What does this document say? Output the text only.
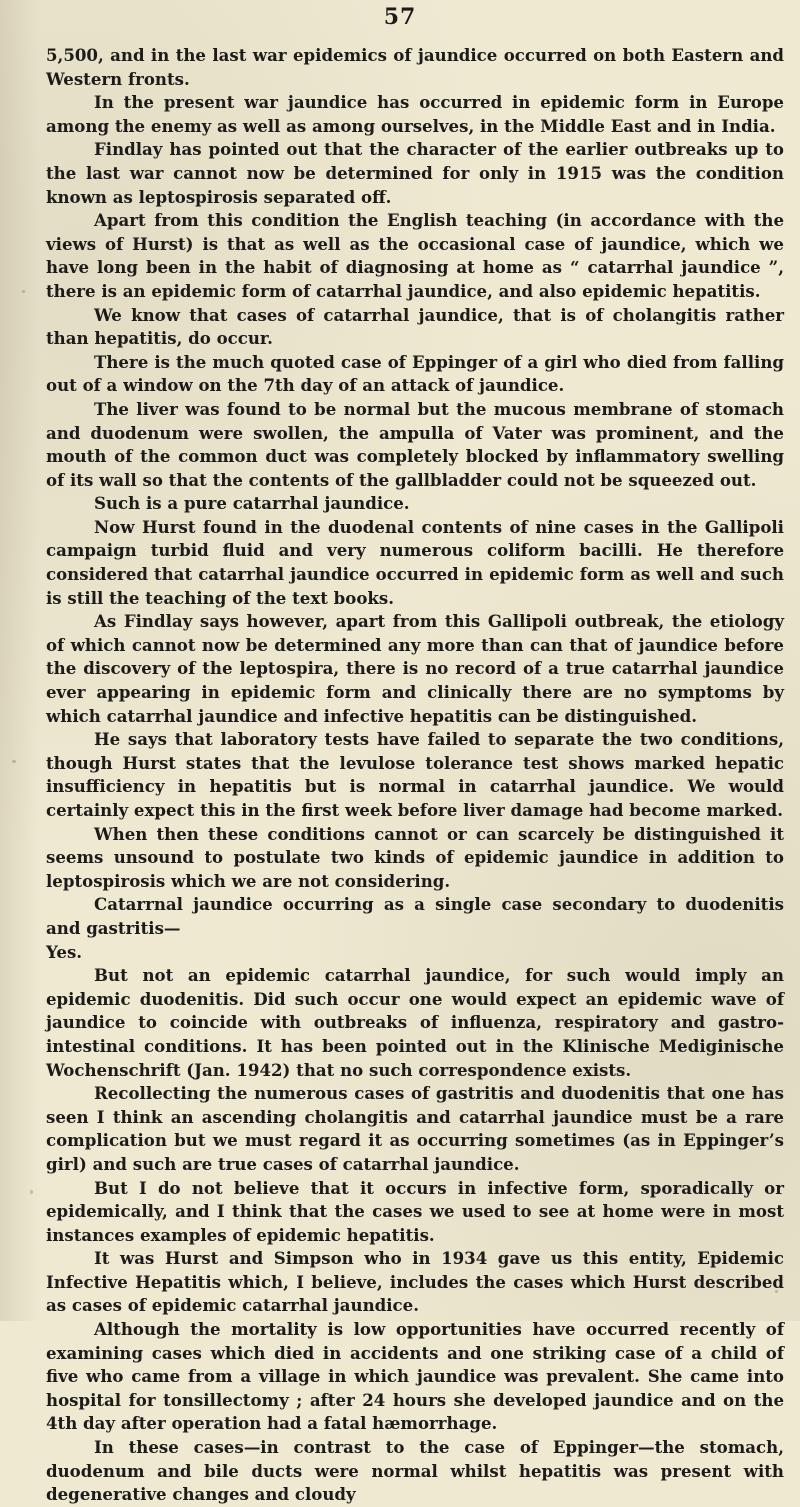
57

5,500, and in the last war epidemics of jaundice occurred on both Eastern and Western fronts.

In the present war jaundice has occurred in epidemic form in Europe among the enemy as well as among ourselves, in the Middle East and in India.

Findlay has pointed out that the character of the earlier outbreaks up to the last war cannot now be determined for only in 1915 was the condition known as leptospirosis separated off.

Apart from this condition the English teaching (in accordance with the views of Hurst) is that as well as the occasional case of jaundice, which we have long been in the habit of diagnosing at home as “ catarrhal jaundice ”, there is an epidemic form of catarrhal jaundice, and also epidemic hepatitis.

We know that cases of catarrhal jaundice, that is of cholangitis rather than hepatitis, do occur.

There is the much quoted case of Eppinger of a girl who died from falling out of a window on the 7th day of an attack of jaundice.

The liver was found to be normal but the mucous membrane of stomach and duodenum were swollen, the ampulla of Vater was prominent, and the mouth of the common duct was completely blocked by inflammatory swelling of its wall so that the contents of the gallbladder could not be squeezed out.

Such is a pure catarrhal jaundice.

Now Hurst found in the duodenal contents of nine cases in the Gallipoli campaign turbid fluid and very numerous coliform bacilli. He therefore considered that catarrhal jaundice occurred in epidemic form as well and such is still the teaching of the text books.

As Findlay says however, apart from this Gallipoli outbreak, the etiology of which cannot now be determined any more than can that of jaundice before the discovery of the leptospira, there is no record of a true catarrhal jaundice ever appearing in epidemic form and clinically there are no symptoms by which catarrhal jaundice and infective hepatitis can be distinguished.

He says that laboratory tests have failed to separate the two conditions, though Hurst states that the levulose tolerance test shows marked hepatic insufficiency in hepatitis but is normal in catarrhal jaundice. We would certainly expect this in the first week before liver damage had become marked.

When then these conditions cannot or can scarcely be distinguished it seems unsound to postulate two kinds of epidemic jaundice in addition to leptospirosis which we are not considering.

Catarrnal jaundice occurring as a single case secondary to duodenitis and gastritis—

Yes.

But not an epidemic catarrhal jaundice, for such would imply an epidemic duodenitis. Did such occur one would expect an epidemic wave of jaundice to coincide with outbreaks of influenza, respiratory and gastro-intestinal conditions. It has been pointed out in the Klinische Mediginische Wochenschrift (Jan. 1942) that no such correspondence exists.

Recollecting the numerous cases of gastritis and duodenitis that one has seen I think an ascending cholangitis and catarrhal jaundice must be a rare complication but we must regard it as occurring sometimes (as in Eppinger’s girl) and such are true cases of catarrhal jaundice.

But I do not believe that it occurs in infective form, sporadically or epidemically, and I think that the cases we used to see at home were in most instances examples of epidemic hepatitis.

It was Hurst and Simpson who in 1934 gave us this entity, Epidemic Infective Hepatitis which, I believe, includes the cases which Hurst described as cases of epidemic catarrhal jaundice.

Although the mortality is low opportunities have occurred recently of examining cases which died in accidents and one striking case of a child of five who came from a village in which jaundice was prevalent. She came into hospital for tonsillectomy ; after 24 hours she developed jaundice and on the 4th day after operation had a fatal hæmorrhage.

In these cases—in contrast to the case of Eppinger—the stomach, duodenum and bile ducts were normal whilst hepatitis was present with degenerative changes and cloudy
